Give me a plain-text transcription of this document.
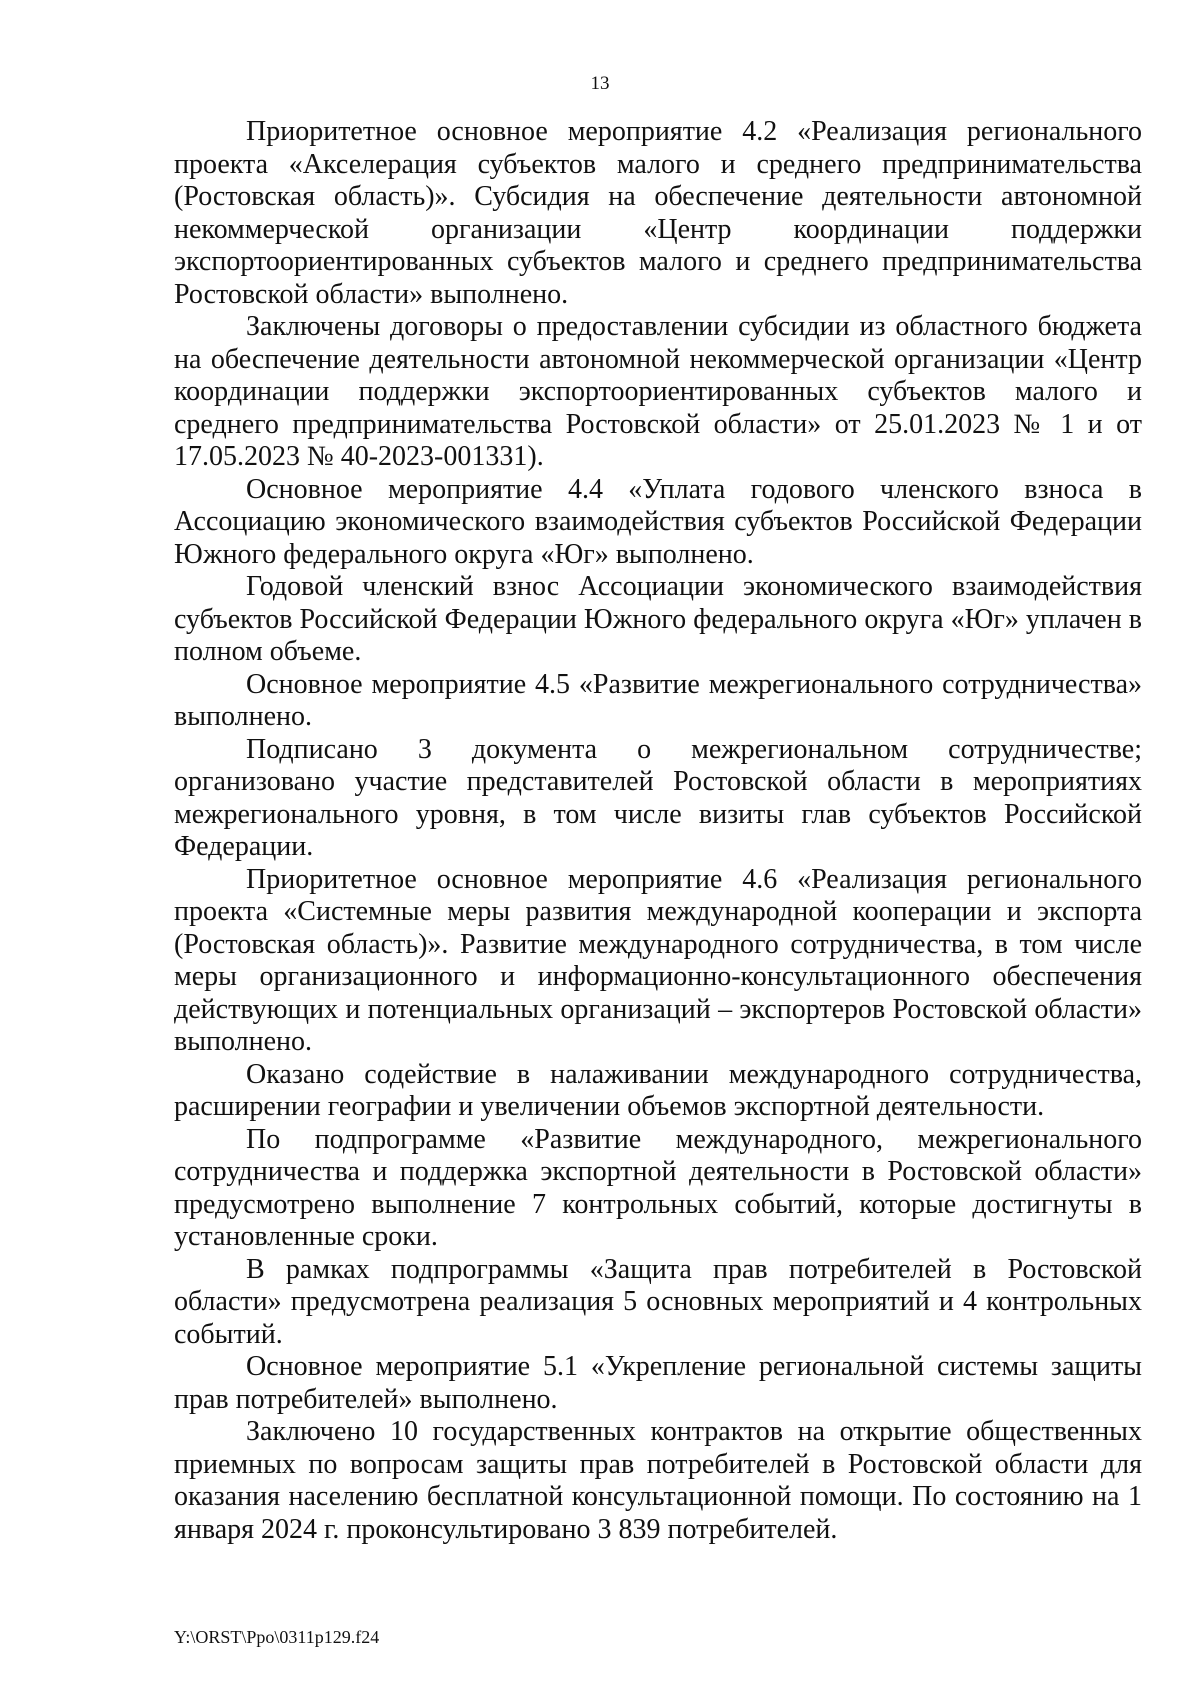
13

Приоритетное основное мероприятие 4.2 «Реализация регионального проекта «Акселерация субъектов малого и среднего предпринимательства (Ростовская область)». Субсидия на обеспечение деятельности автономной некоммерческой организации «Центр координации поддержки экспортоориентированных субъектов малого и среднего предпринимательства Ростовской области» выполнено.

Заключены договоры о предоставлении субсидии из областного бюджета на обеспечение деятельности автономной некоммерческой организации «Центр координации поддержки экспортоориентированных субъектов малого и среднего предпринимательства Ростовской области» от 25.01.2023 № 1 и от 17.05.2023 № 40-2023-001331).

Основное мероприятие 4.4 «Уплата годового членского взноса в Ассоциацию экономического взаимодействия субъектов Российской Федерации Южного федерального округа «Юг» выполнено.

Годовой членский взнос Ассоциации экономического взаимодействия субъектов Российской Федерации Южного федерального округа «Юг» уплачен в полном объеме.

Основное мероприятие 4.5 «Развитие межрегионального сотрудничества» выполнено.

Подписано 3 документа о межрегиональном сотрудничестве; организовано участие представителей Ростовской области в мероприятиях межрегионального уровня, в том числе визиты глав субъектов Российской Федерации.

Приоритетное основное мероприятие 4.6 «Реализация регионального проекта «Системные меры развития международной кооперации и экспорта (Ростовская область)». Развитие международного сотрудничества, в том числе меры организационного и информационно-консультационного обеспечения действующих и потенциальных организаций – экспортеров Ростовской области» выполнено.

Оказано содействие в налаживании международного сотрудничества, расширении географии и увеличении объемов экспортной деятельности.

По подпрограмме «Развитие международного, межрегионального сотрудничества и поддержка экспортной деятельности в Ростовской области» предусмотрено выполнение 7 контрольных событий, которые достигнуты в установленные сроки.

В рамках подпрограммы «Защита прав потребителей в Ростовской области» предусмотрена реализация 5 основных мероприятий и 4 контрольных событий.

Основное мероприятие 5.1 «Укрепление региональной системы защиты прав потребителей» выполнено.

Заключено 10 государственных контрактов на открытие общественных приемных по вопросам защиты прав потребителей в Ростовской области для оказания населению бесплатной консультационной помощи. По состоянию на 1 января 2024 г. проконсультировано 3 839 потребителей.

Y:\ORST\Ppo\0311p129.f24
